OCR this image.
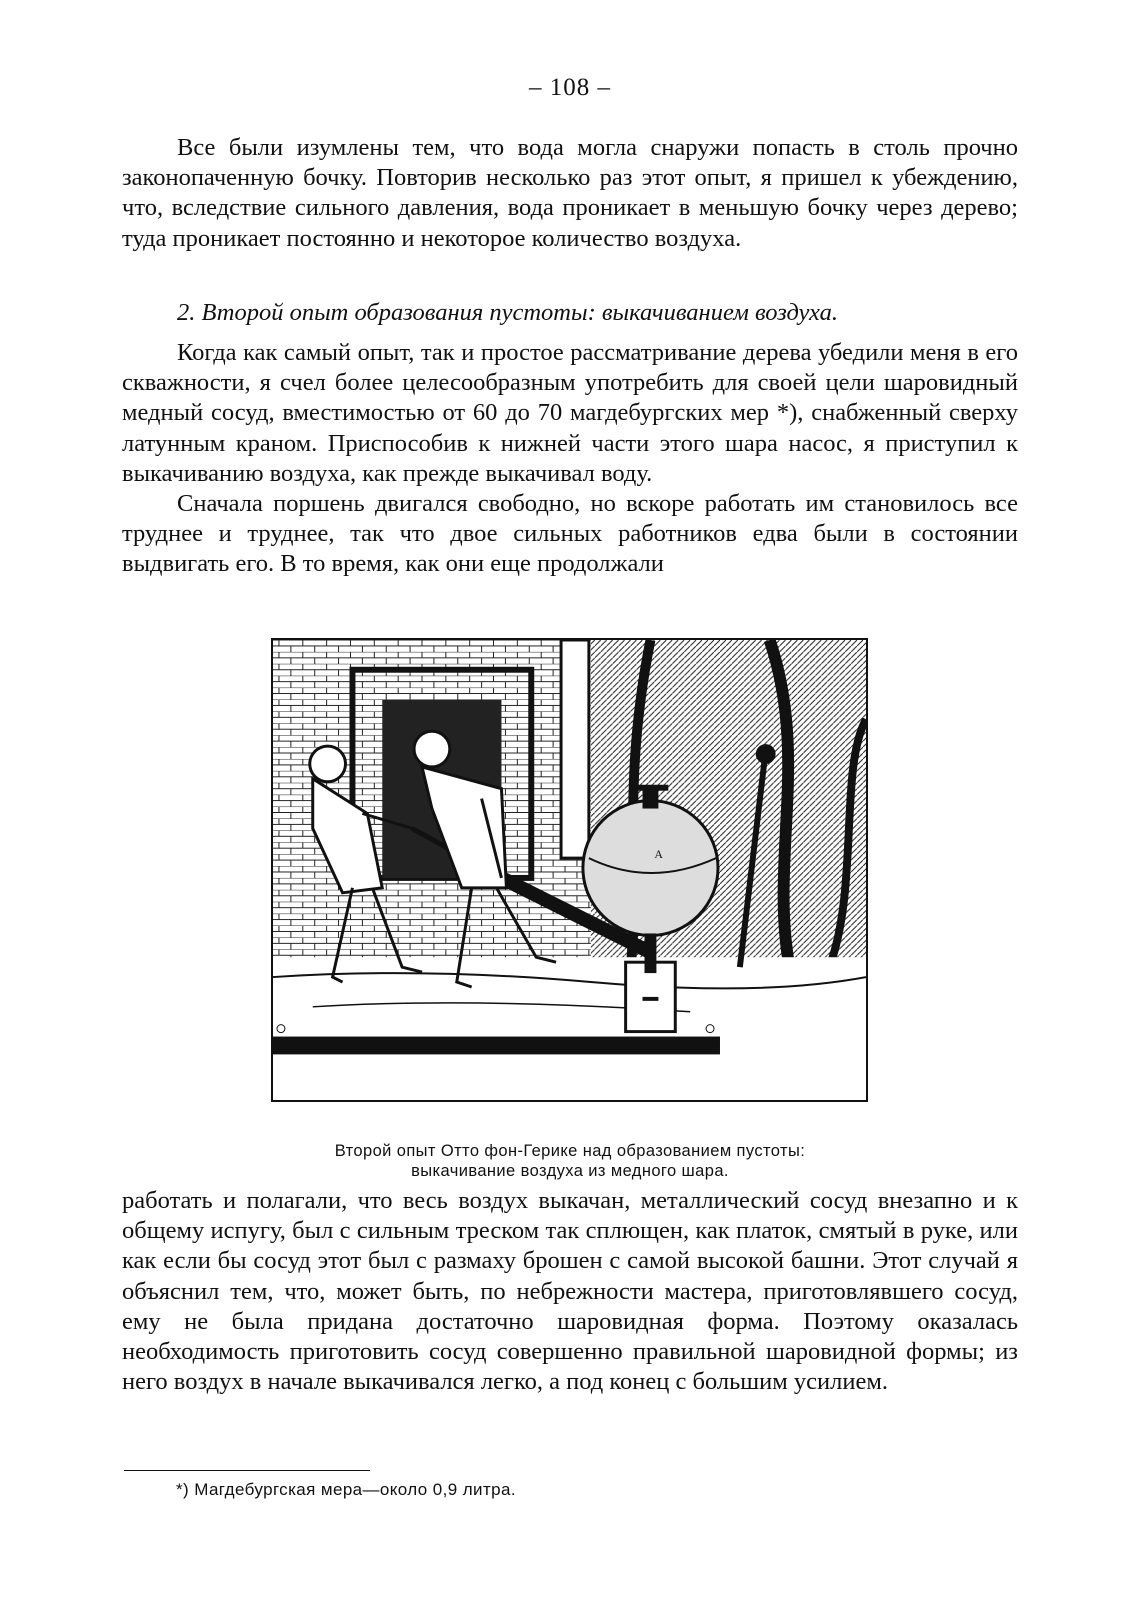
– 108 –

Все были изумлены тем, что вода могла снаружи попасть в столь прочно законопаченную бочку. Повторив несколько раз этот опыт, я пришел к убеждению, что, вследствие сильного давления, вода проникает в меньшую бочку через дерево; туда проникает постоянно и некоторое количество воздуха.

2. Второй опыт образования пустоты: выкачиванием воздуха.

Когда как самый опыт, так и простое рассматривание дерева убедили меня в его скважности, я счел более целесообразным употребить для своей цели шаровидный медный сосуд, вместимостью от 60 до 70 магдебургских мер *), снабженный сверху латунным краном. Приспособив к нижней части этого шара насос, я приступил к выкачиванию воздуха, как прежде выкачивал воду.

Сначала поршень двигался свободно, но вскоре работать им становилось все труднее и труднее, так что двое сильных работников едва были в состоянии выдвигать его. В то время, как они еще продолжали

A
Второй опыт Отто фон-Герике над образованием пустоты:
выкачивание воздуха из медного шара.

работать и полагали, что весь воздух выкачан, металлический сосуд внезапно и к общему испугу, был с сильным треском так сплющен, как платок, смятый в руке, или как если бы сосуд этот был с размаху брошен с самой высокой башни. Этот случай я объяснил тем, что, может быть, по небрежности мастера, приготовлявшего сосуд, ему не была придана достаточно шаровидная форма. Поэтому оказалась необходимость приготовить сосуд совершенно правильной шаровидной формы; из него воздух в начале выкачивался легко, а под конец с большим усилием.

*) Магдебургская мера—около 0,9 литра.
